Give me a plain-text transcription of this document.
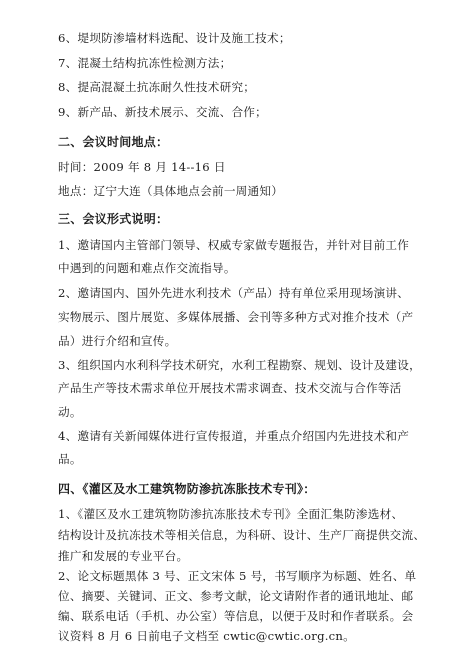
6、堤坝防渗墙材料选配、设计及施工技术；
7、混凝土结构抗冻性检测方法；
8、提高混凝土抗冻耐久性技术研究；
9、新产品、新技术展示、交流、合作；
二、会议时间地点：
时间：2009 年 8 月 14--16 日
地点：辽宁大连（具体地点会前一周通知）
三、会议形式说明：
1、邀请国内主管部门领导、权威专家做专题报告，并针对目前工作
中遇到的问题和难点作交流指导。
2、邀请国内、国外先进水利技术（产品）持有单位采用现场演讲、
实物展示、图片展览、多媒体展播、会刊等多种方式对推介技术（产
品）进行介绍和宣传。
3、组织国内水利科学技术研究，水利工程勘察、规划、设计及建设，
产品生产等技术需求单位开展技术需求调查、技术交流与合作等活
动。
4、邀请有关新闻媒体进行宣传报道，并重点介绍国内先进技术和产
品。
四、《灌区及水工建筑物防渗抗冻胀技术专刊》：
1、《灌区及水工建筑物防渗抗冻胀技术专刊》全面汇集防渗选材、
结构设计及抗冻技术等相关信息，为科研、设计、生产厂商提供交流、
推广和发展的专业平台。
2、论文标题黑体 3 号、正文宋体 5 号，书写顺序为标题、姓名、单
位、摘要、关键词、正文、参考文献，论文请附作者的通讯地址、邮
编、联系电话（手机、办公室）等信息，以便于及时和作者联系。会
议资料 8 月 6 日前电子文档至 cwtic@cwtic.org.cn。
